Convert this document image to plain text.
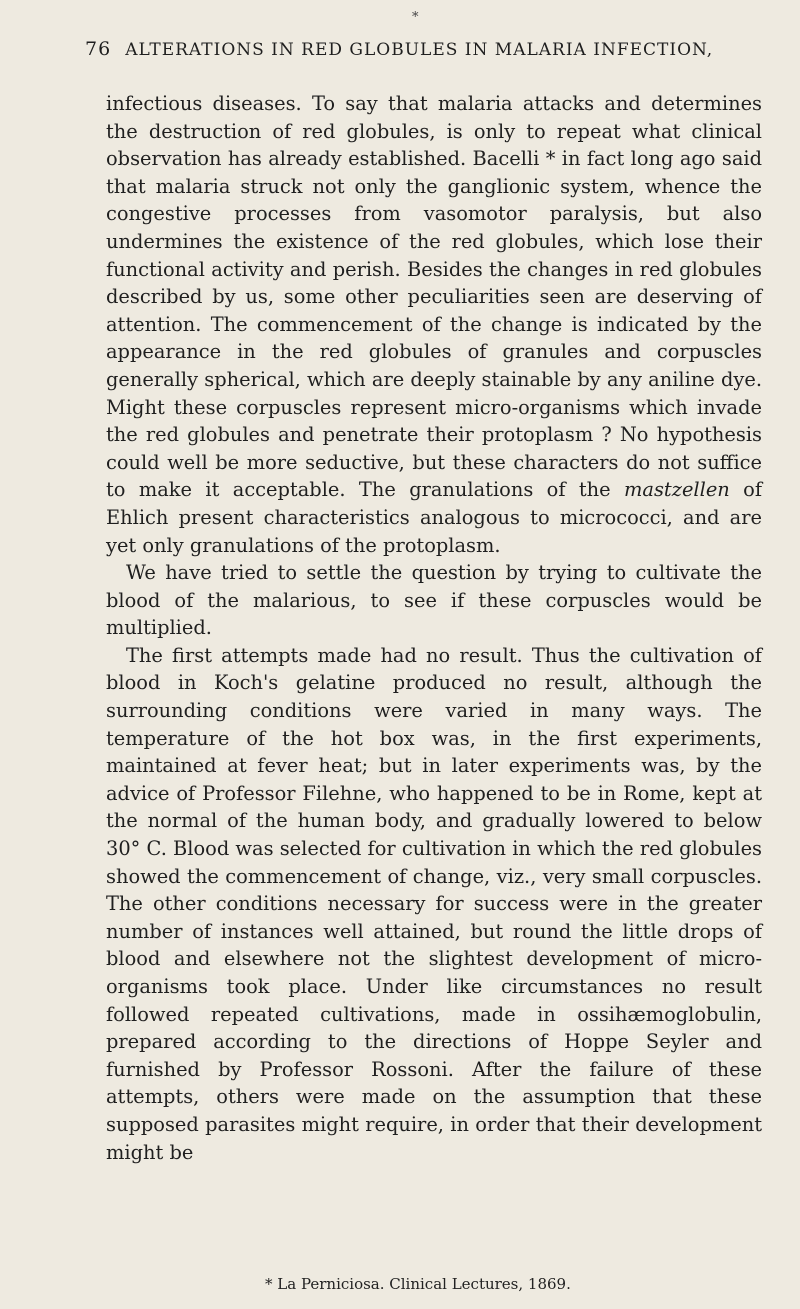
*
76 ALTERATIONS IN RED GLOBULES IN MALARIA INFECTION,

infectious diseases. To say that malaria attacks and determines the destruction of red globules, is only to repeat what clinical observation has already established. Bacelli * in fact long ago said that malaria struck not only the ganglionic system, whence the congestive processes from vasomotor paralysis, but also undermines the existence of the red globules, which lose their functional activity and perish. Besides the changes in red globules described by us, some other peculiarities seen are deserving of attention. The commencement of the change is indicated by the appearance in the red globules of granules and corpuscles generally spherical, which are deeply stainable by any aniline dye. Might these corpuscles represent micro-organisms which invade the red globules and penetrate their protoplasm ? No hypothesis could well be more seductive, but these characters do not suffice to make it acceptable. The granulations of the mastzellen of Ehlich present characteristics analogous to micrococci, and are yet only granulations of the protoplasm.

We have tried to settle the question by trying to cultivate the blood of the malarious, to see if these corpuscles would be multiplied.

The first attempts made had no result. Thus the cultivation of blood in Koch's gelatine produced no result, although the surrounding conditions were varied in many ways. The temperature of the hot box was, in the first experiments, maintained at fever heat; but in later experiments was, by the advice of Professor Filehne, who happened to be in Rome, kept at the normal of the human body, and gradually lowered to below 30° C. Blood was selected for cultivation in which the red globules showed the commencement of change, viz., very small corpuscles. The other conditions necessary for success were in the greater number of instances well attained, but round the little drops of blood and elsewhere not the slightest development of micro-organisms took place. Under like circumstances no result followed repeated cultivations, made in ossihæmoglobulin, prepared according to the directions of Hoppe Seyler and furnished by Professor Rossoni. After the failure of these attempts, others were made on the assumption that these supposed parasites might require, in order that their development might be

* La Perniciosa. Clinical Lectures, 1869.
